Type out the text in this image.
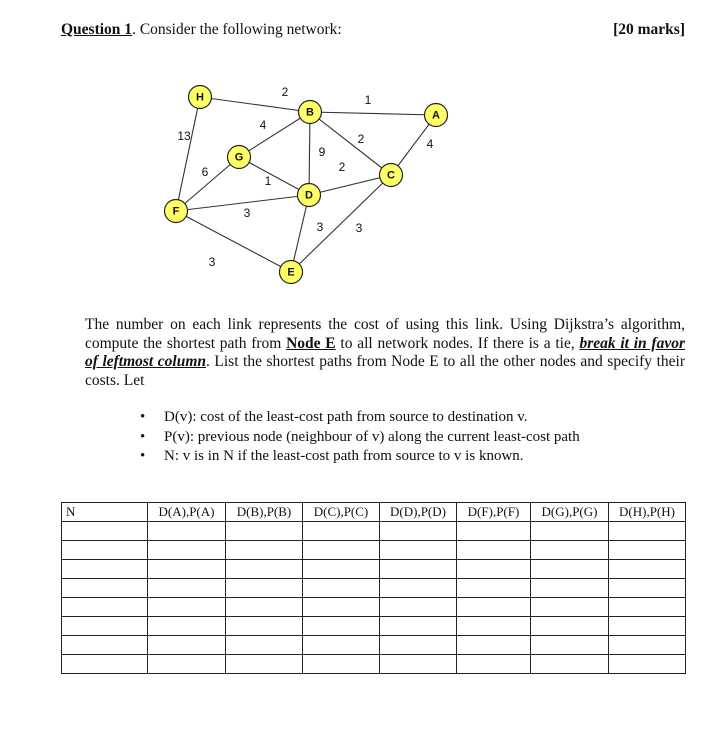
Question 1. Consider the following network:	[20 marks]
2
1
13
4
2	4
9
2
6
1
3
3	3
3
H
B	A
G
C
D
F
E
The number on each link represents the cost of using this link. Using Dijkstra’s algorithm, compute the shortest path from Node E to all network nodes. If there is a tie, break it in favor of leftmost column. List the shortest paths from Node E to all the other nodes and specify their costs. Let
• D(v): cost of the least-cost path from source to destination v.
• P(v): previous node (neighbour of v) along the current least-cost path
• N: v is in N if the least-cost path from source to v is known.
N	D(A),P(A)	D(B),P(B)	D(C),P(C)	D(D),P(D)	D(F),P(F)	D(G),P(G)	D(H),P(H)
